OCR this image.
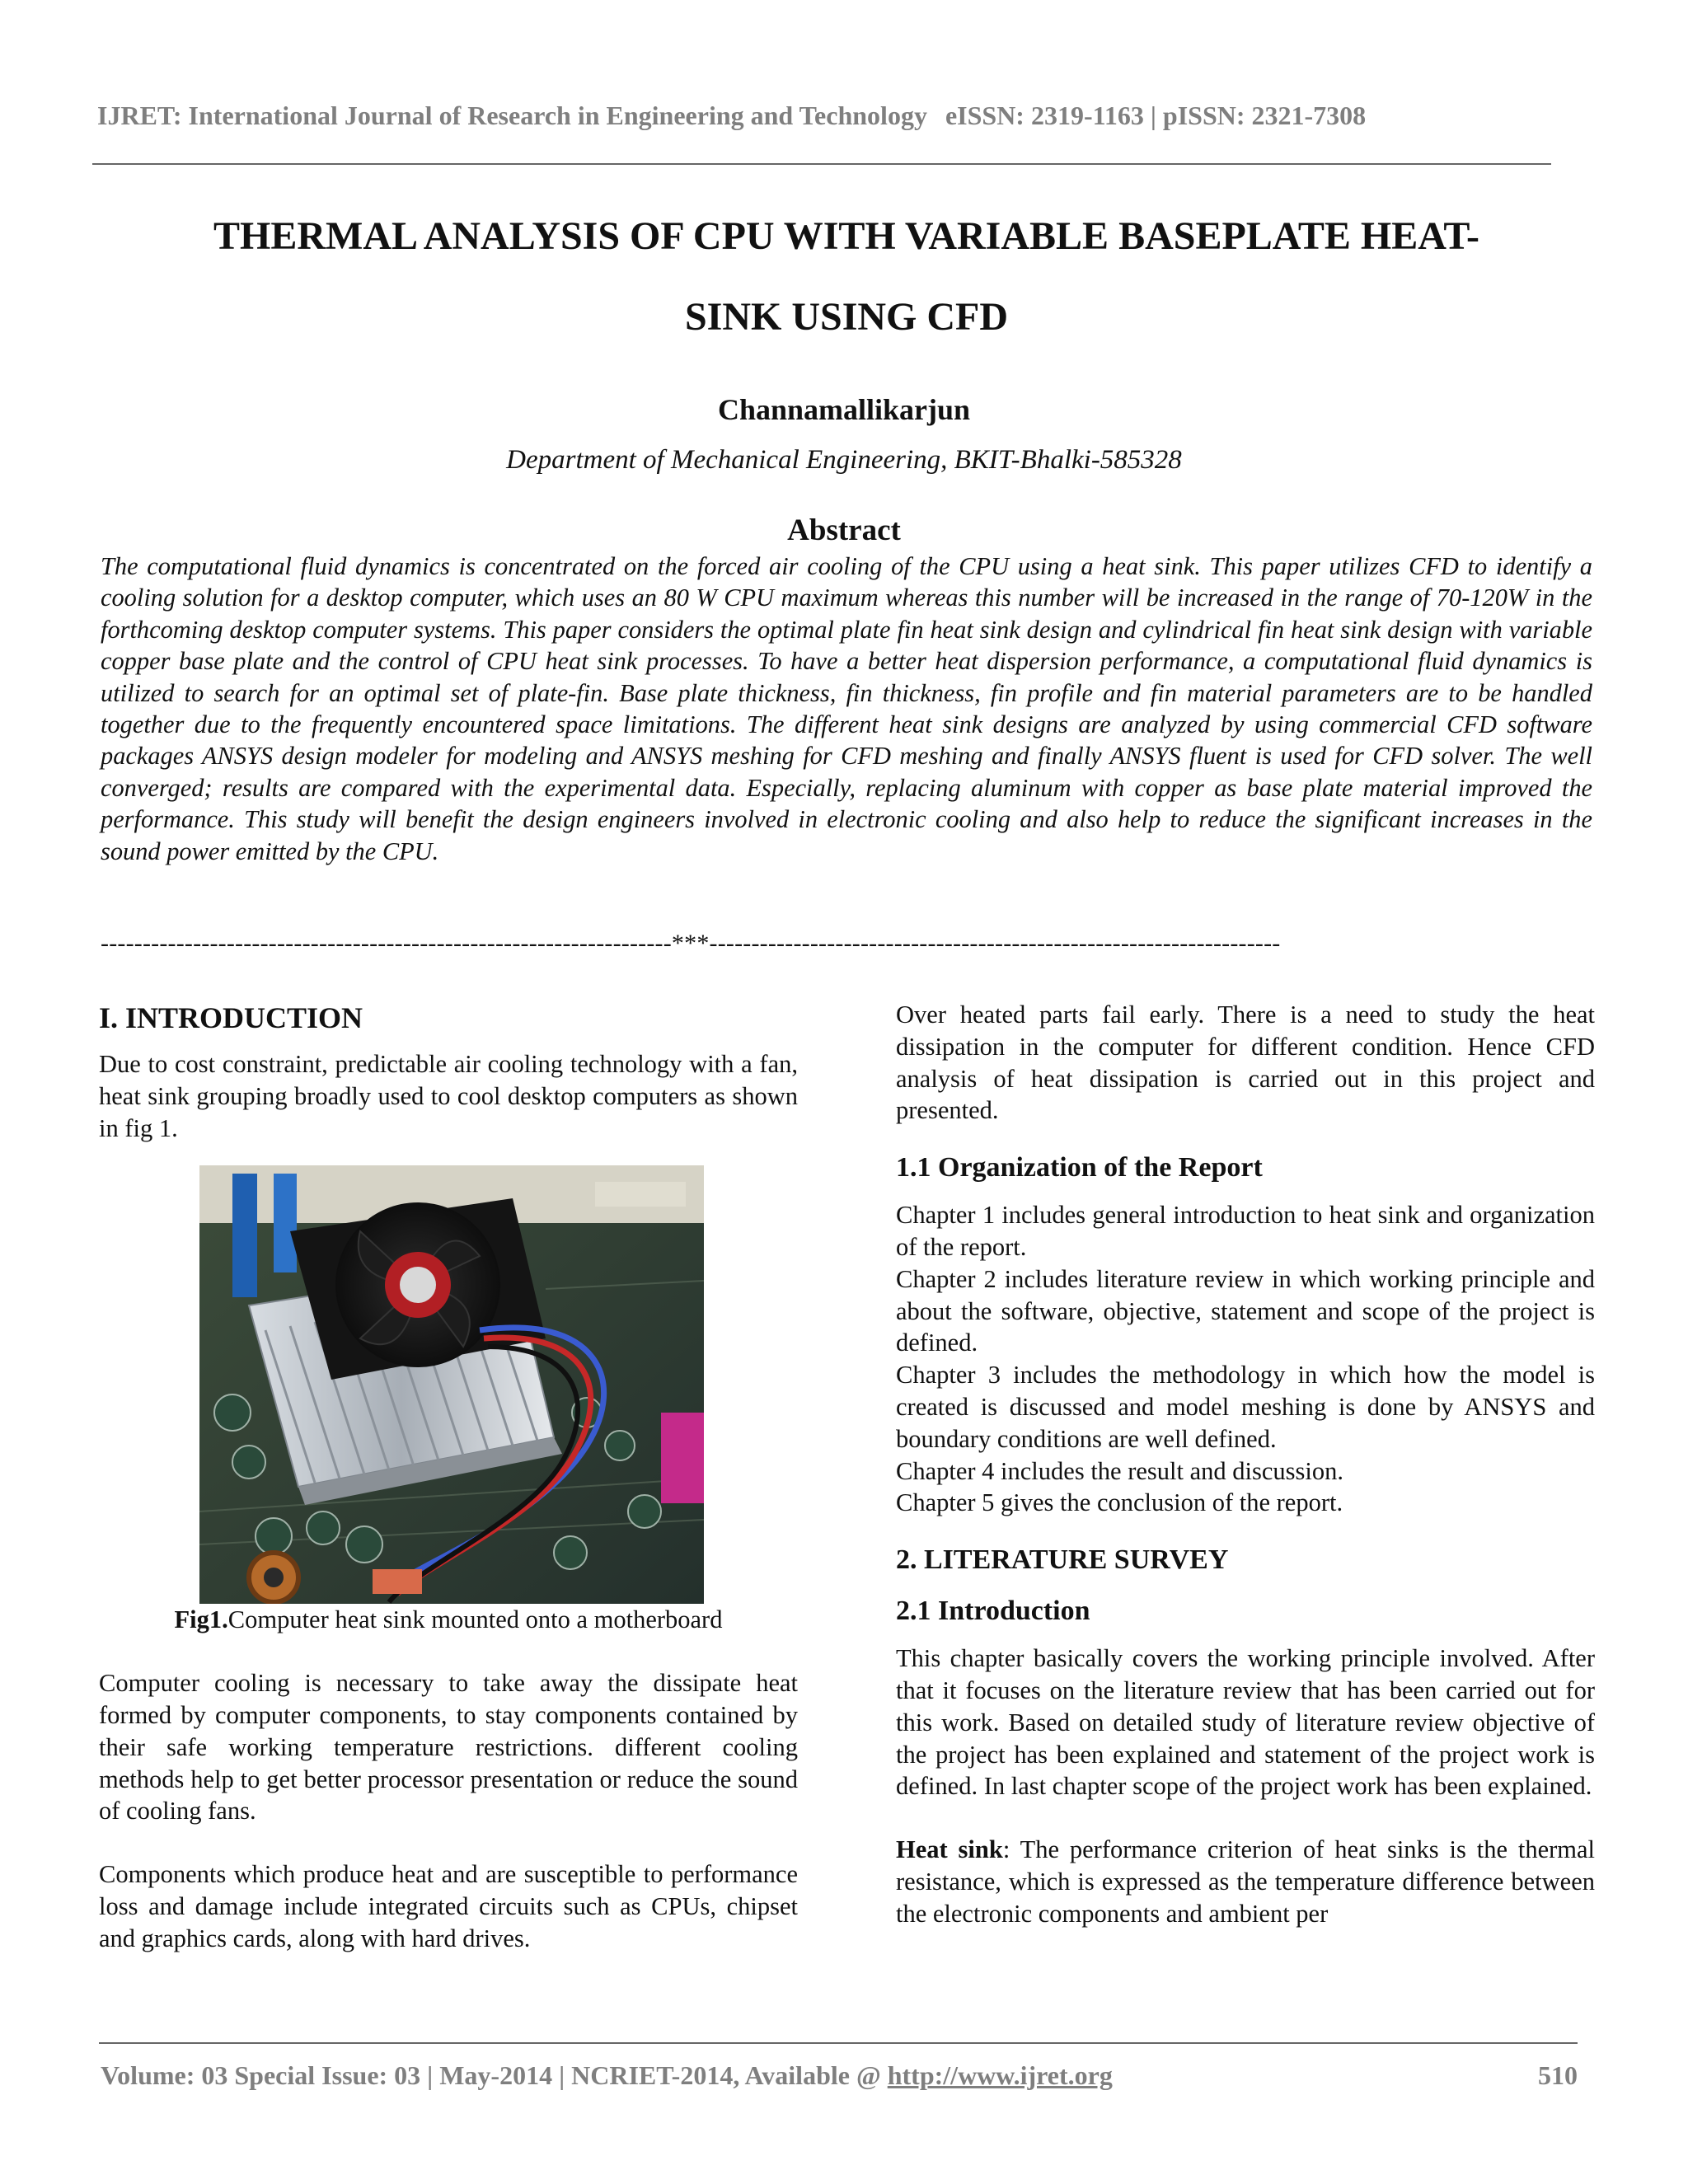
IJRET: International Journal of Research in Engineering and Technology eISSN: 2319-1163 | pISSN: 2321-7308
THERMAL ANALYSIS OF CPU WITH VARIABLE BASEPLATE HEAT-
SINK USING CFD
Channamallikarjun
Department of Mechanical Engineering, BKIT-Bhalki-585328
Abstract
The computational fluid dynamics is concentrated on the forced air cooling of the CPU using a heat sink. This paper utilizes CFD to identify a cooling solution for a desktop computer, which uses an 80 W CPU maximum whereas this number will be increased in the range of 70-120W in the forthcoming desktop computer systems. This paper considers the optimal plate fin heat sink design and cylindrical fin heat sink design with variable copper base plate and the control of CPU heat sink processes. To have a better heat dispersion performance, a computational fluid dynamics is utilized to search for an optimal set of plate-fin. Base plate thickness, fin thickness, fin profile and fin material parameters are to be handled together due to the frequently encountered space limitations. The different heat sink designs are analyzed by using commercial CFD software packages ANSYS design modeler for modeling and ANSYS meshing for CFD meshing and finally ANSYS fluent is used for CFD solver. The well converged; results are compared with the experimental data. Especially, replacing aluminum with copper as base plate material improved the performance. This study will benefit the design engineers involved in electronic cooling and also help to reduce the significant increases in the sound power emitted by the CPU.
--------------------------------------------------------------------***--------------------------------------------------------------------
I. INTRODUCTION

Due to cost constraint, predictable air cooling technology with a fan, heat sink grouping broadly used to cool desktop computers as shown in fig 1.

Fig1.Computer heat sink mounted onto a motherboard

Computer cooling is necessary to take away the dissipate heat formed by computer components, to stay components contained by their safe working temperature restrictions. different cooling methods help to get better processor presentation or reduce the sound of cooling fans.

Components which produce heat and are susceptible to performance loss and damage include integrated circuits such as CPUs, chipset and graphics cards, along with hard drives.

Over heated parts fail early. There is a need to study the heat dissipation in the computer for different condition. Hence CFD analysis of heat dissipation is carried out in this project and presented.

1.1 Organization of the Report

Chapter 1 includes general introduction to heat sink and organization of the report.

Chapter 2 includes literature review in which working principle and about the software, objective, statement and scope of the project is defined.

Chapter 3 includes the methodology in which how the model is created is discussed and model meshing is done by ANSYS and boundary conditions are well defined.

Chapter 4 includes the result and discussion.

Chapter 5 gives the conclusion of the report.

2. LITERATURE SURVEY
2.1 Introduction

This chapter basically covers the working principle involved. After that it focuses on the literature review that has been carried out for this work. Based on detailed study of literature review objective of the project has been explained and statement of the project work is defined. In last chapter scope of the project work has been explained.

Heat sink: The performance criterion of heat sinks is the thermal resistance, which is expressed as the temperature difference between the electronic components and ambient per

Volume: 03 Special Issue: 03 | May-2014 | NCRIET-2014, Available @ http://www.ijret.org	510
